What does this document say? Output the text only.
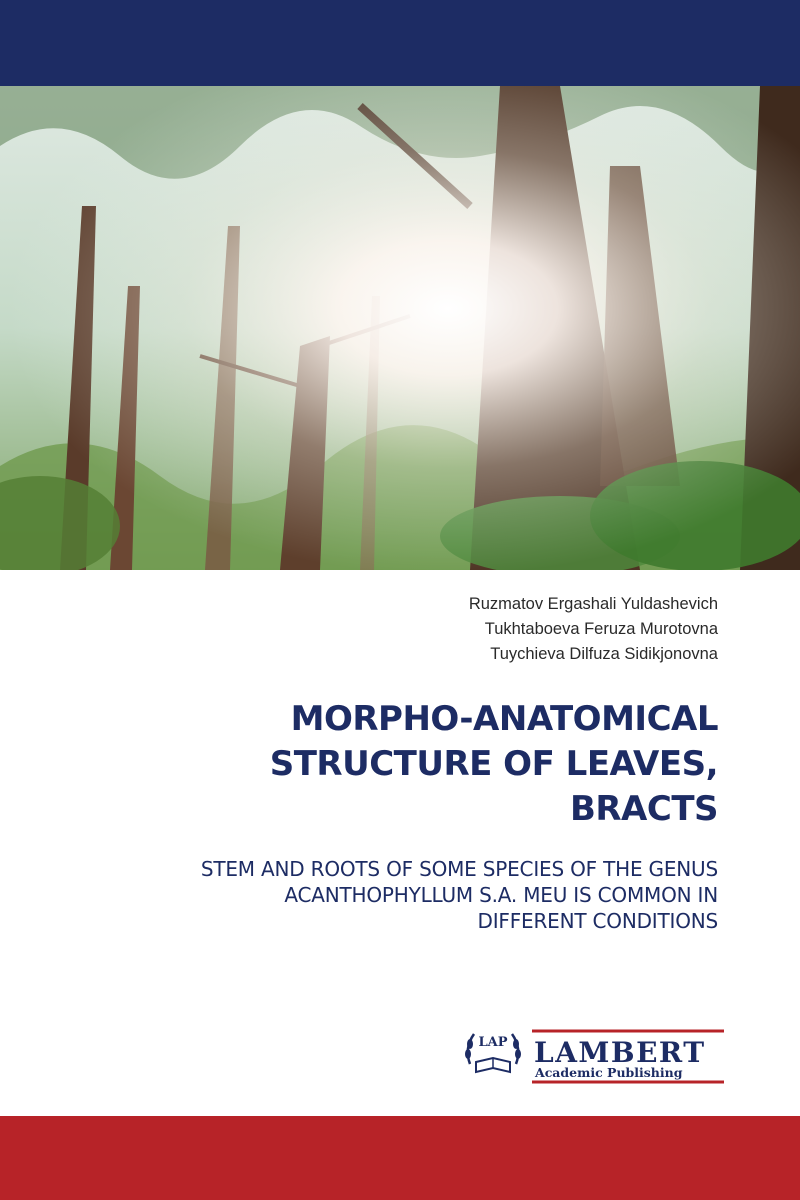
Ruzmatov Ergashali Yuldashevich
Tukhtaboeva Feruza Murotovna
Tuychieva Dilfuza Sidikjonovna
MORPHO-ANATOMICAL
STRUCTURE OF LEAVES,
BRACTS
STEM AND ROOTS OF SOME SPECIES OF THE GENUS
ACANTHOPHYLLUM S.A. MEU IS COMMON IN
DIFFERENT CONDITIONS
LAP LAMBERT
Academic Publishing
